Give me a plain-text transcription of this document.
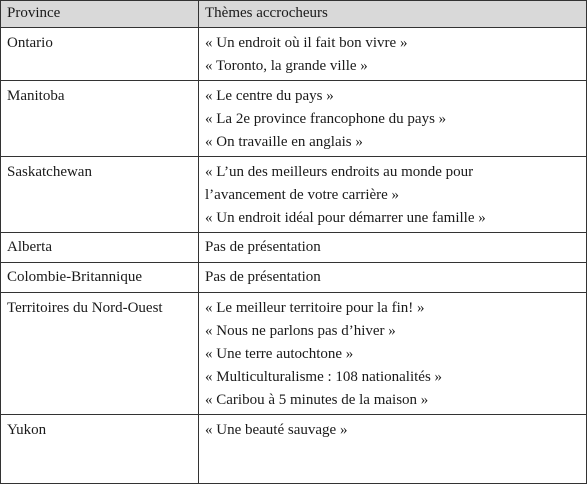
Province	Thèmes accrocheurs
Ontario	« Un endroit où il fait bon vivre »
« Toronto, la grande ville »

Manitoba	« Le centre du pays »
« La 2e province francophone du pays »
« On travaille en anglais »

Saskatchewan	« L’un des meilleurs endroits au monde pour
l’avancement de votre carrière »
« Un endroit idéal pour démarrer une famille »

Alberta	Pas de présentation

Colombie-Britannique	Pas de présentation

Territoires du Nord-Ouest	« Le meilleur territoire pour la fin! »
« Nous ne parlons pas d’hiver »
« Une terre autochtone »
« Multiculturalisme : 108 nationalités »
« Caribou à 5 minutes de la maison »

Yukon	« Une beauté sauvage »
